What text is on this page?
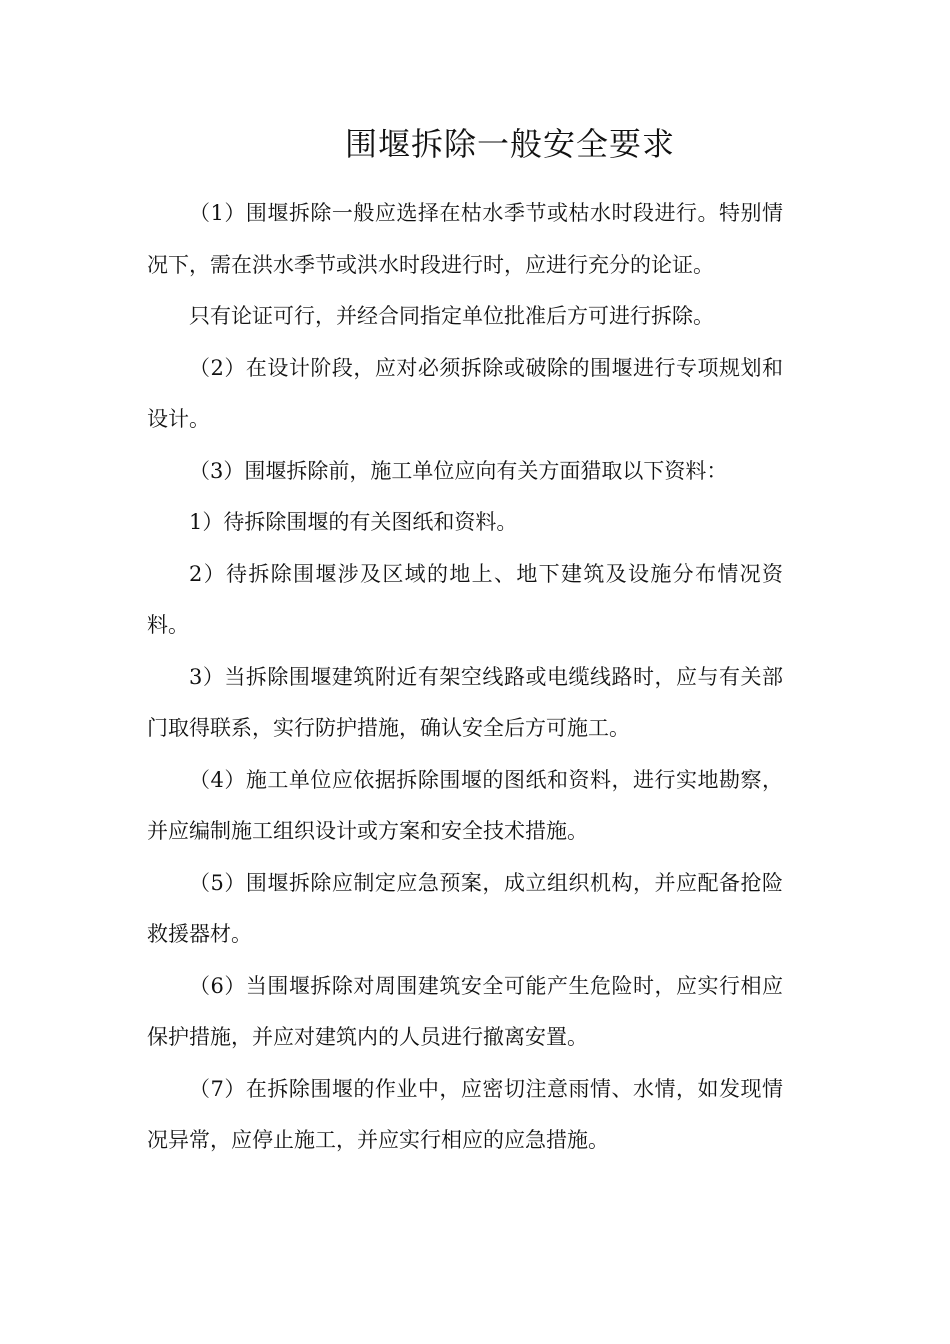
围堰拆除一般安全要求

（1）围堰拆除一般应选择在枯水季节或枯水时段进行。特别情况下，需在洪水季节或洪水时段进行时，应进行充分的论证。

只有论证可行，并经合同指定单位批准后方可进行拆除。

（2）在设计阶段，应对必须拆除或破除的围堰进行专项规划和设计。

（3）围堰拆除前，施工单位应向有关方面猎取以下资料：

1）待拆除围堰的有关图纸和资料。

2）待拆除围堰涉及区域的地上、地下建筑及设施分布情况资料。

3）当拆除围堰建筑附近有架空线路或电缆线路时，应与有关部门取得联系，实行防护措施，确认安全后方可施工。

（4）施工单位应依据拆除围堰的图纸和资料，进行实地勘察，并应编制施工组织设计或方案和安全技术措施。

（5）围堰拆除应制定应急预案，成立组织机构，并应配备抢险救援器材。

（6）当围堰拆除对周围建筑安全可能产生危险时，应实行相应保护措施，并应对建筑内的人员进行撤离安置。

（7）在拆除围堰的作业中，应密切注意雨情、水情，如发现情况异常，应停止施工，并应实行相应的应急措施。
